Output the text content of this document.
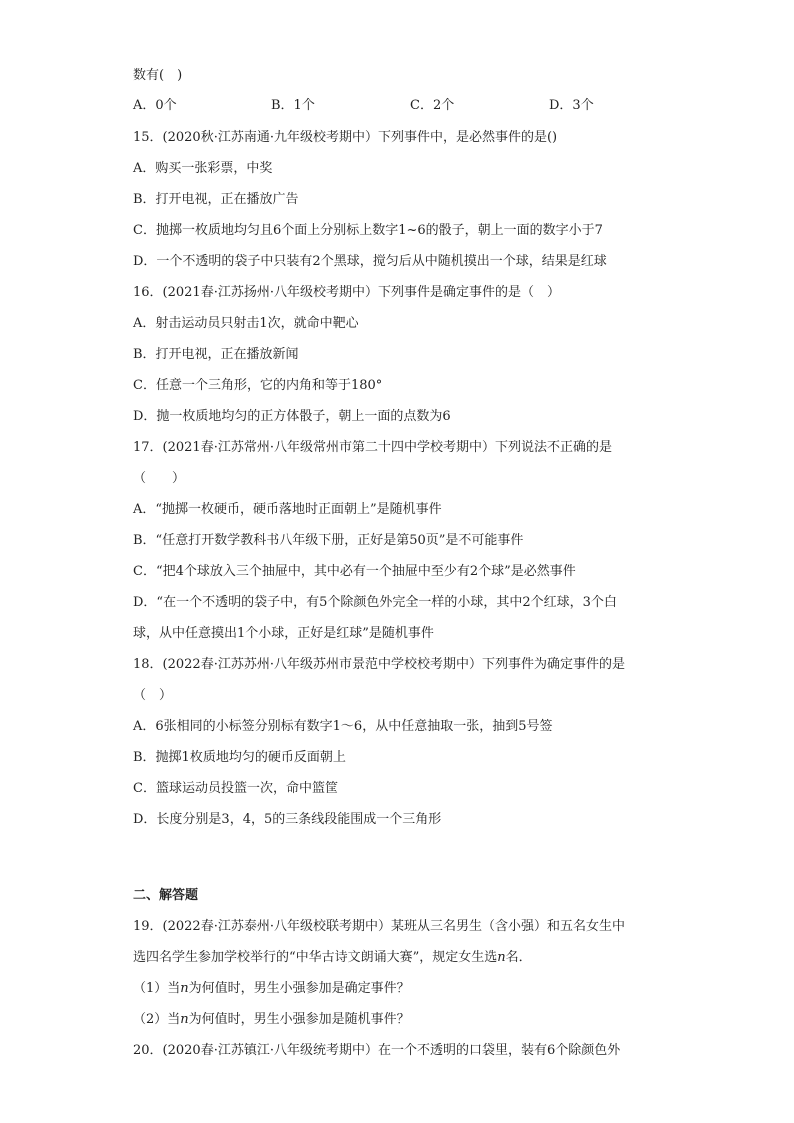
数有(　)
A．0个	B．1个	C．2个	D．3个
15．(2020秋·江苏南通·九年级校考期中）下列事件中，是必然事件的是()
A．购买一张彩票，中奖
B．打开电视，正在播放广告
C．抛掷一枚质地均匀且6个面上分别标上数字1~6的骰子，朝上一面的数字小于7
D．一个不透明的袋子中只装有2个黑球，搅匀后从中随机摸出一个球，结果是红球
16．(2021春·江苏扬州·八年级校考期中）下列事件是确定事件的是（　）
A．射击运动员只射击1次，就命中靶心
B．打开电视，正在播放新闻
C．任意一个三角形，它的内角和等于180°
D．抛一枚质地均匀的正方体骰子，朝上一面的点数为6
17．(2021春·江苏常州·八年级常州市第二十四中学校考期中）下列说法不正确的是
（　　）
A．“抛掷一枚硬币，硬币落地时正面朝上”是随机事件
B．“任意打开数学教科书八年级下册，正好是第50页”是不可能事件
C．“把4个球放入三个抽屉中，其中必有一个抽屉中至少有2个球”是必然事件
D．“在一个不透明的袋子中，有5个除颜色外完全一样的小球，其中2个红球，3个白
球，从中任意摸出1个小球，正好是红球”是随机事件
18．(2022春·江苏苏州·八年级苏州市景范中学校校考期中）下列事件为确定事件的是
（　）
A．6张相同的小标签分别标有数字1～6，从中任意抽取一张，抽到5号签
B．抛掷1枚质地均匀的硬币反面朝上
C．篮球运动员投篮一次，命中篮筐
D．长度分别是3，4，5的三条线段能围成一个三角形
二、解答题
19．(2022春·江苏泰州·八年级校联考期中）某班从三名男生（含小强）和五名女生中
选四名学生参加学校举行的“中华古诗文朗诵大赛”，规定女生选n名．
（1）当n为何值时，男生小强参加是确定事件？
（2）当n为何值时，男生小强参加是随机事件？
20．(2020春·江苏镇江·八年级统考期中）在一个不透明的口袋里，装有6个除颜色外
